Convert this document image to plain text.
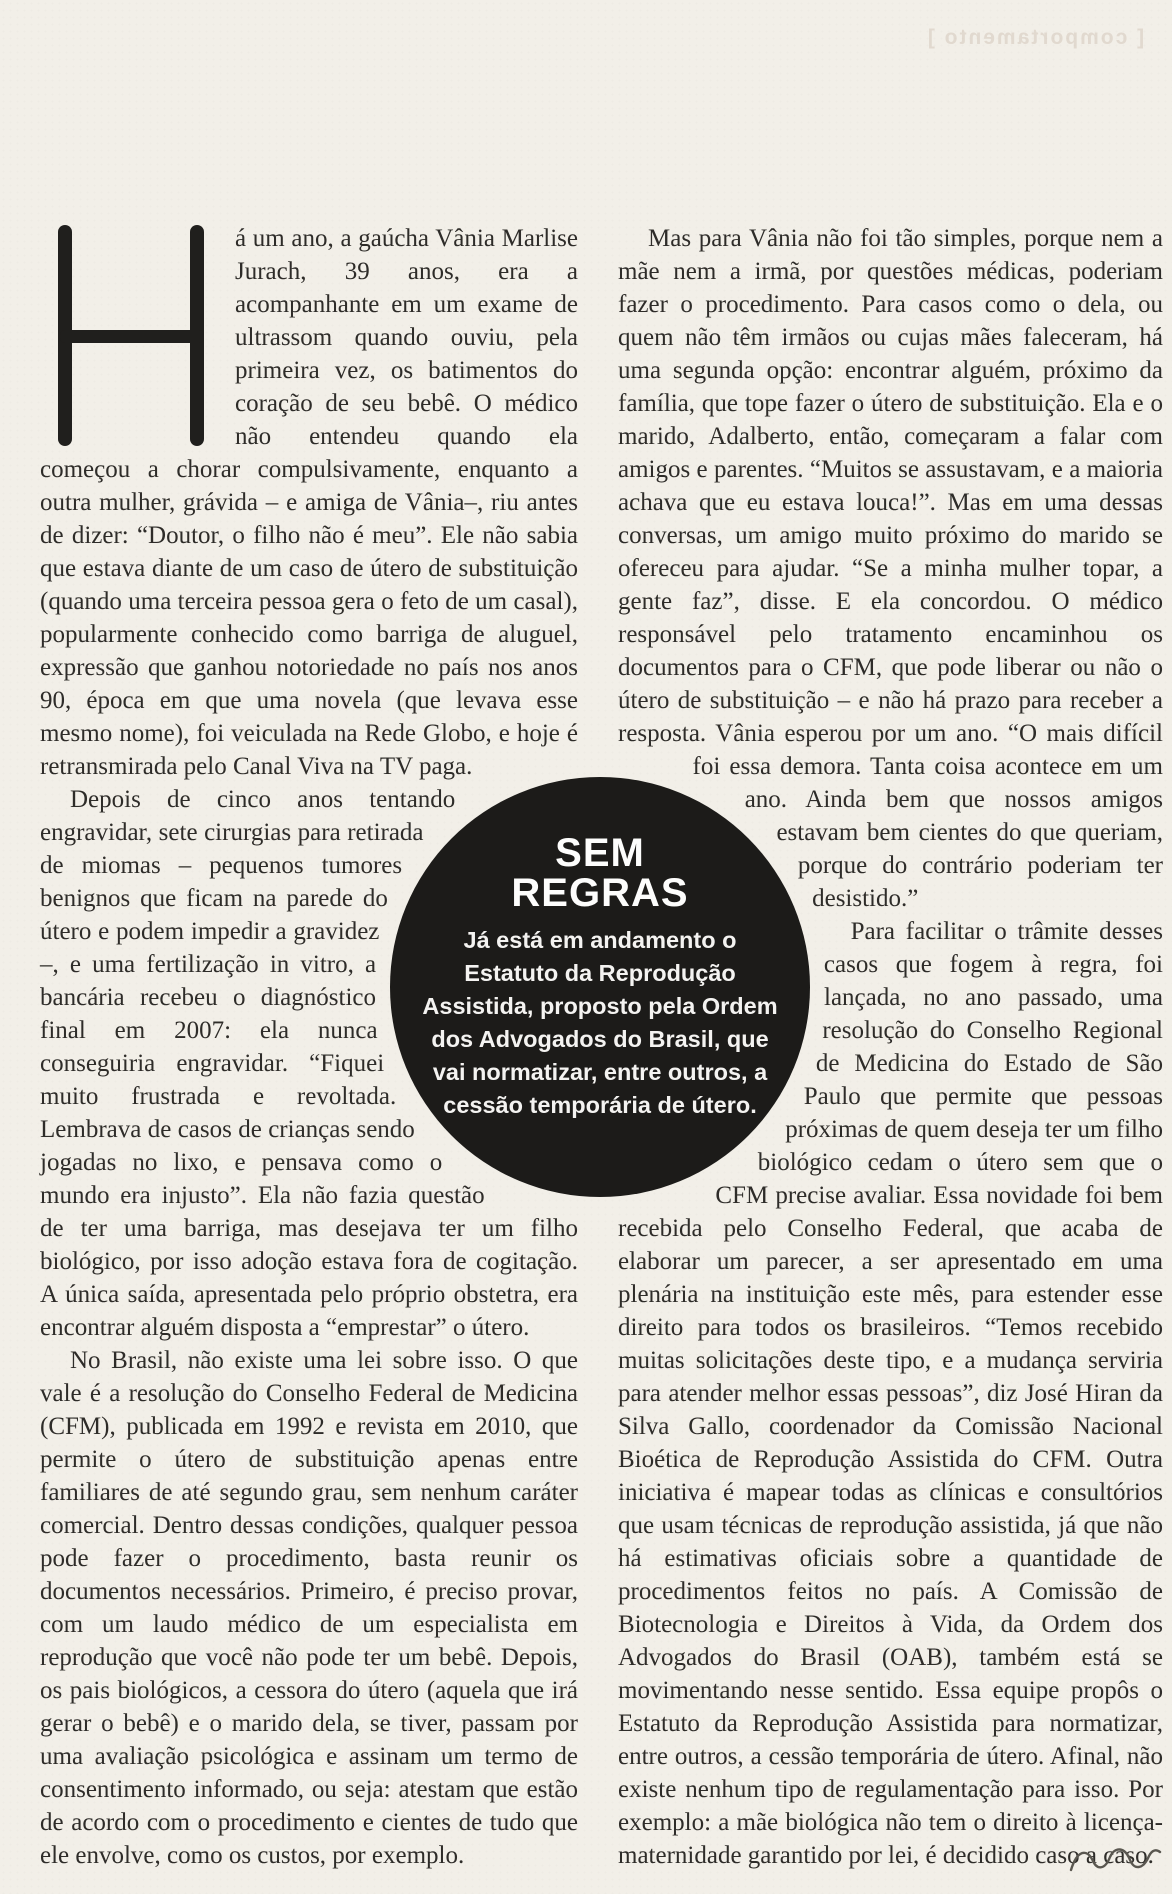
[ comportamento ]

á um ano, a gaúcha Vânia Marlise Jurach, 39 anos, era a acompanhante em um exame de ultrassom quando ouviu, pela primeira vez, os batimentos do coração de seu bebê. O médico não entendeu quando ela começou a chorar compulsivamente, enquanto a outra mulher, grávida – e amiga de Vânia–, riu antes de dizer: “Doutor, o filho não é meu”. Ele não sabia que estava diante de um caso de útero de substituição (quando uma terceira pessoa gera o feto de um casal), popularmente conhecido como barriga de aluguel, expressão que ganhou notoriedade no país nos anos 90, época em que uma novela (que levava esse mesmo nome), foi veiculada na Rede Globo, e hoje é retransmirada pelo Canal Viva na TV paga.

Depois de cinco anos tentando engravidar, sete cirurgias para retirada de miomas – pequenos tumores benignos que ficam na parede do útero e podem impedir a gravidez –, e uma fertilização in vitro, a bancária recebeu o diagnóstico final em 2007: ela nunca conseguiria engravidar. “Fiquei muito frustrada e revoltada. Lembrava de casos de crianças sendo jogadas no lixo, e pensava como o mundo era injusto”. Ela não fazia questão de ter uma barriga, mas desejava ter um filho biológico, por isso adoção estava fora de cogitação. A única saída, apresentada pelo próprio obstetra, era encontrar alguém disposta a “emprestar” o útero.

No Brasil, não existe uma lei sobre isso. O que vale é a resolução do Conselho Federal de Medicina (CFM), publicada em 1992 e revista em 2010, que permite o útero de substituição apenas entre familiares de até segundo grau, sem nenhum caráter comercial. Dentro dessas condições, qualquer pessoa pode fazer o procedimento, basta reunir os documentos necessários. Primeiro, é preciso provar, com um laudo médico de um especialista em reprodução que você não pode ter um bebê. Depois, os pais biológicos, a cessora do útero (aquela que irá gerar o bebê) e o marido dela, se tiver, passam por uma avaliação psicológica e assinam um termo de consentimento informado, ou seja: atestam que estão de acordo com o procedimento e cientes de tudo que ele envolve, como os custos, por exemplo.

Mas para Vânia não foi tão simples, porque nem a mãe nem a irmã, por questões médicas, poderiam fazer o procedimento. Para casos como o dela, ou quem não têm irmãos ou cujas mães faleceram, há uma segunda opção: encontrar alguém, próximo da família, que tope fazer o útero de substituição. Ela e o marido, Adalberto, então, começaram a falar com amigos e parentes. “Muitos se assustavam, e a maioria achava que eu estava louca!”. Mas em uma dessas conversas, um amigo muito próximo do marido se ofereceu para ajudar. “Se a minha mulher topar, a gente faz”, disse. E ela concordou. O médico responsável pelo tratamento encaminhou os documentos para o CFM, que pode liberar ou não o útero de substituição – e não há prazo para receber a resposta. Vânia esperou por um ano. “O mais difícil foi essa demora. Tanta coisa acontece em um ano. Ainda bem que nossos amigos estavam bem cientes do que queriam, porque do contrário poderiam ter desistido.”

Para facilitar o trâmite desses casos que fogem à regra, foi lançada, no ano passado, uma resolução do Conselho Regional de Medicina do Estado de São Paulo que permite que pessoas próximas de quem deseja ter um filho biológico cedam o útero sem que o CFM precise avaliar. Essa novidade foi bem recebida pelo Conselho Federal, que acaba de elaborar um parecer, a ser apresentado em uma plenária na instituição este mês, para estender esse direito para todos os brasileiros. “Temos recebido muitas solicitações deste tipo, e a mudança serviria para atender melhor essas pessoas”, diz José Hiran da Silva Gallo, coordenador da Comissão Nacional Bioética de Reprodução Assistida do CFM. Outra iniciativa é mapear todas as clínicas e consultórios que usam técnicas de reprodução assistida, já que não há estimativas oficiais sobre a quantidade de procedimentos feitos no país. A Comissão de Biotecnologia e Direitos à Vida, da Ordem dos Advogados do Brasil (OAB), também está se movimentando nesse sentido. Essa equipe propôs o Estatuto da Reprodução Assistida para normatizar, entre outros, a cessão temporária de útero. Afinal, não existe nenhum tipo de regulamentação para isso. Por exemplo: a mãe biológica não tem o direito à licença-maternidade garantido por lei, é decidido caso a caso.

SEM
REGRAS

Já está em andamento o Estatuto da Reprodução Assistida, proposto pela Ordem dos Advogados do Brasil, que vai normatizar, entre outros, a cessão temporária de útero.
